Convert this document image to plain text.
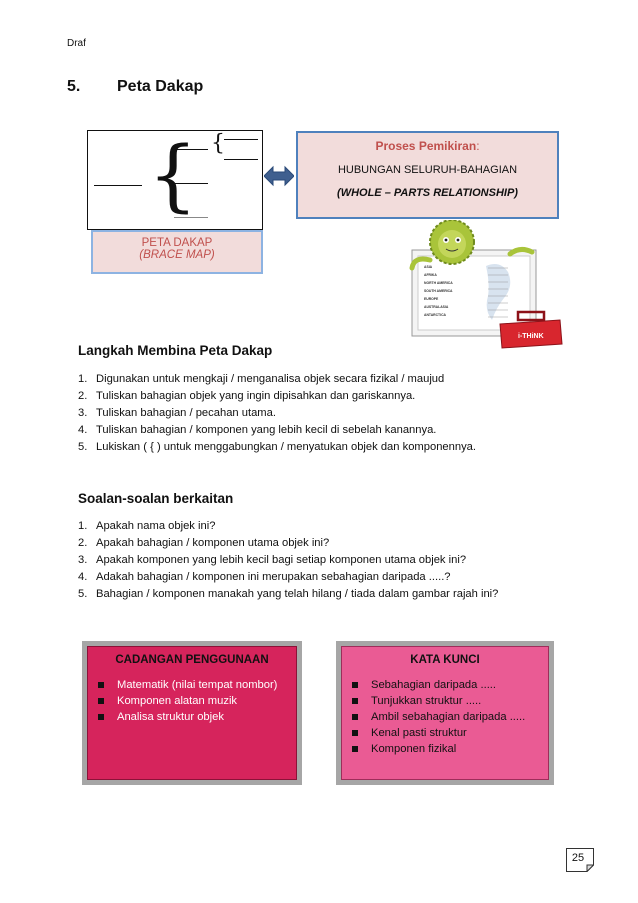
Draf
5. Peta Dakap
{ {	Proses Pemikiran:
HUBUNGAN SELURUH-BAHAGIAN
(WHOLE – PARTS RELATIONSHIP)
PETA DAKAP
(BRACE MAP)
ASIA
AFRIKA
NORTH AMERICA
SOUTH AMERICA
EUROPE
AUSTRALASIA
ANTARCTICA
i-THiNK
Langkah Membina Peta Dakap
1. Digunakan untuk mengkaji / menganalisa objek secara fizikal / maujud
2. Tuliskan bahagian objek yang ingin dipisahkan dan gariskannya.
3. Tuliskan bahagian / pecahan utama.
4. Tuliskan bahagian / komponen yang lebih kecil di sebelah kanannya.
5. Lukiskan ( { ) untuk menggabungkan / menyatukan objek dan komponennya.
Soalan-soalan berkaitan
1. Apakah nama objek ini?
2. Apakah bahagian / komponen utama objek ini?
3. Apakah komponen yang lebih kecil bagi setiap komponen utama objek ini?
4. Adakah bahagian / komponen ini merupakan sebahagian daripada .....?
5. Bahagian / komponen manakah yang telah hilang / tiada dalam gambar rajah ini?
CADANGAN PENGGUNAAN
Matematik (nilai tempat nombor)
Komponen alatan muzik
Analisa struktur objek
KATA KUNCI
Sebahagian daripada .....
Tunjukkan struktur .....
Ambil sebahagian daripada .....
Kenal pasti struktur
Komponen fizikal
25
